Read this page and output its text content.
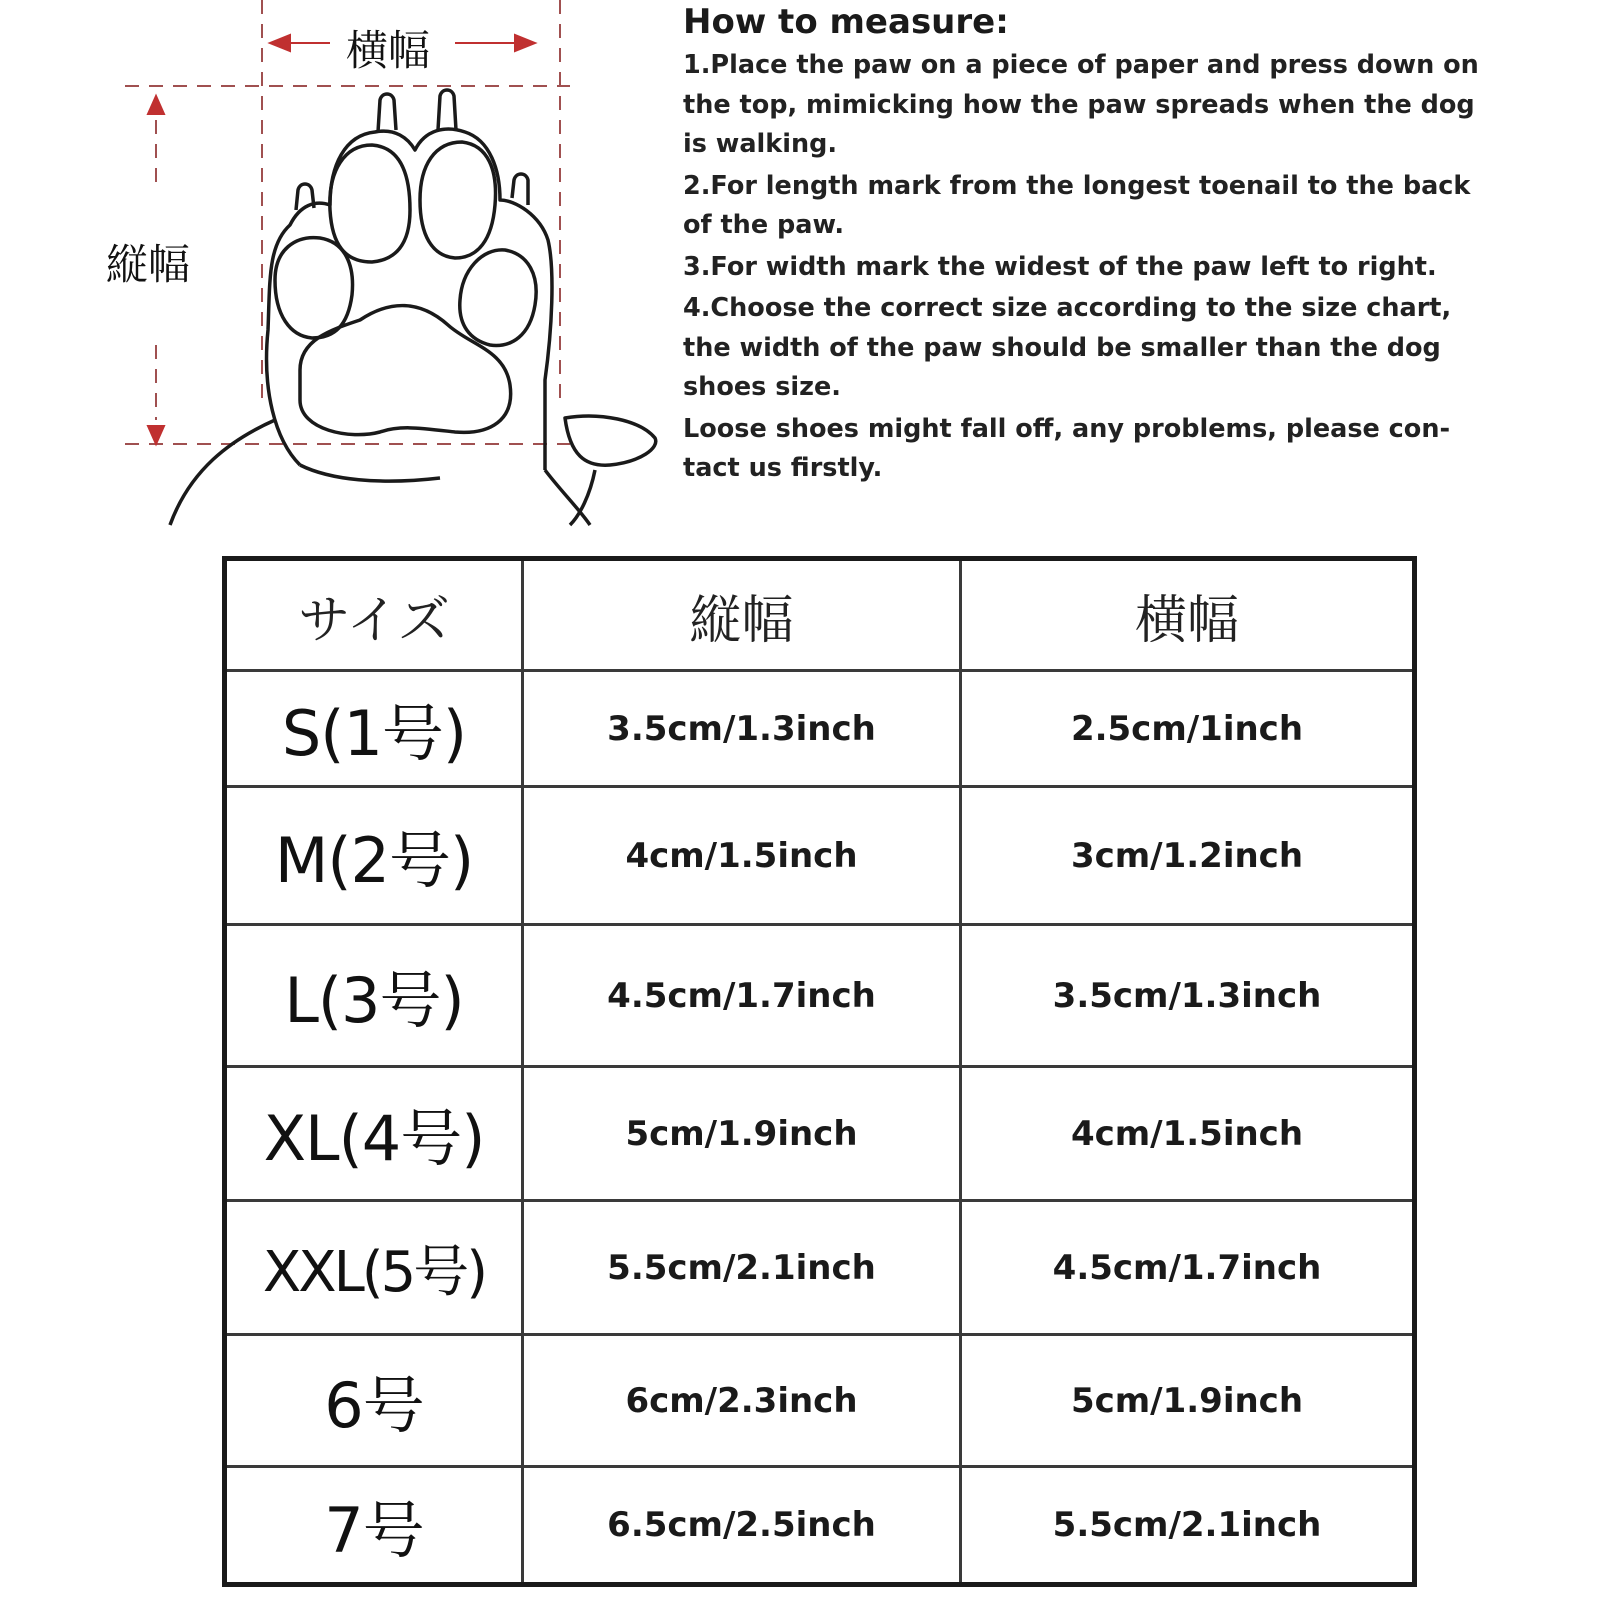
横幅
縦幅
How to measure:

1.Place the paw on a piece of paper and press down on
the top, mimicking how the paw spreads when the dog
is walking.

2.For length mark from the longest toenail to the back
of the paw.

3.For width mark the widest of the paw left to right.

4.Choose the correct size according to the size chart,
the width of the paw should be smaller than the dog
shoes size.

Loose shoes might fall off, any problems, please con-
tact us firstly.

サイズ	縦幅	横幅
S(1号)	3.5cm/1.3inch	2.5cm/1inch
M(2号)	4cm/1.5inch	3cm/1.2inch
L(3号)	4.5cm/1.7inch	3.5cm/1.3inch
XL(4号)	5cm/1.9inch	4cm/1.5inch
XXL(5号)	5.5cm/2.1inch	4.5cm/1.7inch
6号	6cm/2.3inch	5cm/1.9inch
7号	6.5cm/2.5inch	5.5cm/2.1inch
